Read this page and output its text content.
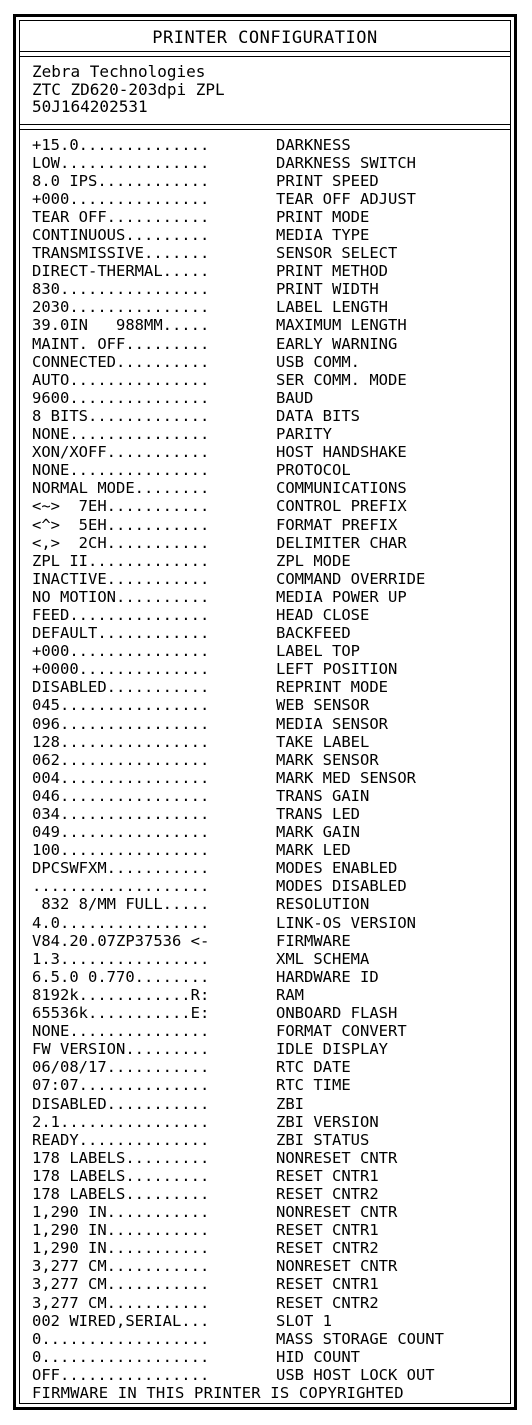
PRINTER CONFIGURATION
Zebra Technologies
ZTC ZD620-203dpi ZPL
50J164202531
+15.0..............	DARKNESS
LOW................	DARKNESS SWITCH
8.0 IPS............	PRINT SPEED
+000...............	TEAR OFF ADJUST
TEAR OFF...........	PRINT MODE
CONTINUOUS.........	MEDIA TYPE
TRANSMISSIVE.......	SENSOR SELECT
DIRECT-THERMAL.....	PRINT METHOD
830................	PRINT WIDTH
2030...............	LABEL LENGTH
39.0IN   988MM.....	MAXIMUM LENGTH
MAINT. OFF.........	EARLY WARNING
CONNECTED..........	USB COMM.
AUTO...............	SER COMM. MODE
9600...............	BAUD
8 BITS.............	DATA BITS
NONE...............	PARITY
XON/XOFF...........	HOST HANDSHAKE
NONE...............	PROTOCOL
NORMAL MODE........	COMMUNICATIONS
<~>  7EH...........	CONTROL PREFIX
<^>  5EH...........	FORMAT PREFIX
<,>  2CH...........	DELIMITER CHAR
ZPL II.............	ZPL MODE
INACTIVE...........	COMMAND OVERRIDE
NO MOTION..........	MEDIA POWER UP
FEED...............	HEAD CLOSE
DEFAULT............	BACKFEED
+000...............	LABEL TOP
+0000..............	LEFT POSITION
DISABLED...........	REPRINT MODE
045................	WEB SENSOR
096................	MEDIA SENSOR
128................	TAKE LABEL
062................	MARK SENSOR
004................	MARK MED SENSOR
046................	TRANS GAIN
034................	TRANS LED
049................	MARK GAIN
100................	MARK LED
DPCSWFXM...........	MODES ENABLED
...................	MODES DISABLED
832 8/MM FULL.....	RESOLUTION
4.0................	LINK-OS VERSION
V84.20.07ZP37536 <-	FIRMWARE
1.3................	XML SCHEMA
6.5.0 0.770........	HARDWARE ID
8192k............R:	RAM
65536k...........E:	ONBOARD FLASH
NONE...............	FORMAT CONVERT
FW VERSION.........	IDLE DISPLAY
06/08/17...........	RTC DATE
07:07..............	RTC TIME
DISABLED...........	ZBI
2.1................	ZBI VERSION
READY..............	ZBI STATUS
178 LABELS.........	NONRESET CNTR
178 LABELS.........	RESET CNTR1
178 LABELS.........	RESET CNTR2
1,290 IN...........	NONRESET CNTR
1,290 IN...........	RESET CNTR1
1,290 IN...........	RESET CNTR2
3,277 CM...........	NONRESET CNTR
3,277 CM...........	RESET CNTR1
3,277 CM...........	RESET CNTR2
002 WIRED,SERIAL...	SLOT 1
0..................	MASS STORAGE COUNT
0..................	HID COUNT
OFF................	USB HOST LOCK OUT
FIRMWARE IN THIS PRINTER IS COPYRIGHTED
